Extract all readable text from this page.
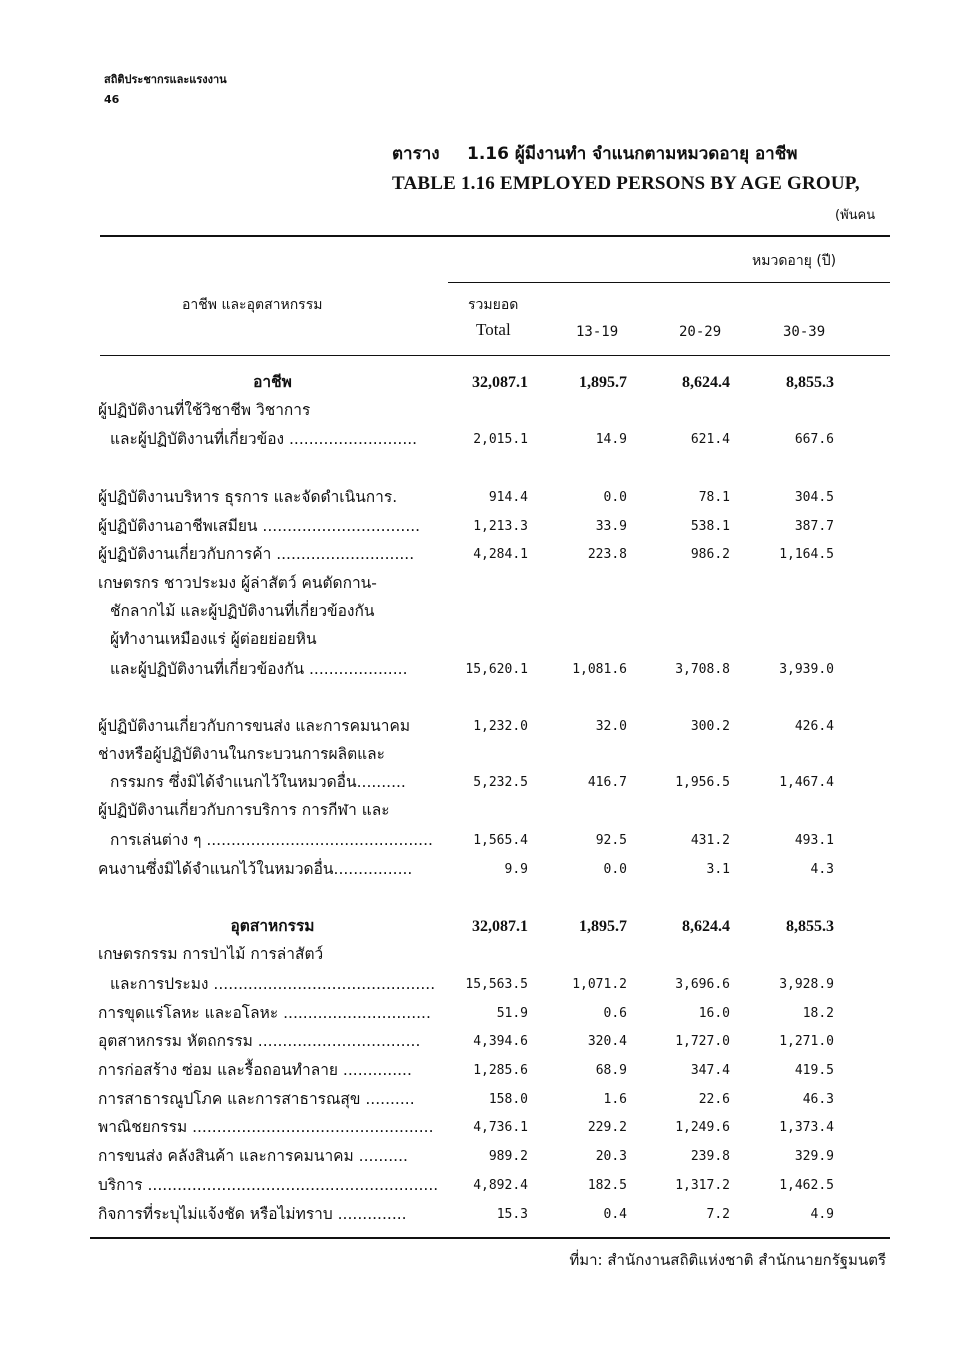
สถิติประชากรและแรงงาน
46
ตาราง 1.16 ผู้มีงานทำ จำแนกตามหมวดอายุ อาชีพ
TABLE 1.16 EMPLOYED PERSONS BY AGE GROUP,
(พันคน
หมวดอายุ (ปี)
อาชีพ และอุตสาหกรรม	รวมยอด
Total	13-19	20-29	30-39
อาชีพ	32,087.1	1,895.7	8,624.4	8,855.3
ผู้ปฏิบัติงานที่ใช้วิชาชีพ วิชาการ
และผู้ปฏิบัติงานที่เกี่ยวข้อง ..........................	2,015.1	14.9	621.4	667.6
ผู้ปฏิบัติงานบริหาร ธุรการ และจัดดำเนินการ.	914.4	0.0	78.1	304.5
ผู้ปฏิบัติงานอาชีพเสมียน ................................	1,213.3	33.9	538.1	387.7
ผู้ปฏิบัติงานเกี่ยวกับการค้า ............................	4,284.1	223.8	986.2	1,164.5
เกษตรกร ชาวประมง ผู้ล่าสัตว์ คนตัดกาน-
ชักลากไม้ และผู้ปฏิบัติงานที่เกี่ยวข้องกัน
ผู้ทำงานเหมืองแร่ ผู้ต่อยย่อยหิน
และผู้ปฏิบัติงานที่เกี่ยวข้องกัน ....................	15,620.1	1,081.6	3,708.8	3,939.0
ผู้ปฏิบัติงานเกี่ยวกับการขนส่ง และการคมนาคม	1,232.0	32.0	300.2	426.4
ช่างหรือผู้ปฏิบัติงานในกระบวนการผลิตและ
กรรมกร ซึ่งมิได้จำแนกไว้ในหมวดอื่น..........	5,232.5	416.7	1,956.5	1,467.4
ผู้ปฏิบัติงานเกี่ยวกับการบริการ การกีฬา และ
การเล่นต่าง ๆ ..............................................	1,565.4	92.5	431.2	493.1
คนงานซึ่งมิได้จำแนกไว้ในหมวดอื่น................	9.9	0.0	3.1	4.3
อุตสาหกรรม	32,087.1	1,895.7	8,624.4	8,855.3
เกษตรกรรม การป่าไม้ การล่าสัตว์
และการประมง ............................................. 15,563.5	1,071.2	3,696.6	3,928.9
การขุดแร่โลหะ และอโลหะ ..............................	51.9	0.6	16.0	18.2
อุตสาหกรรม หัตถกรรม .................................	4,394.6	320.4	1,727.0	1,271.0
การก่อสร้าง ซ่อม และรื้อถอนทำลาย ..............	1,285.6	68.9	347.4	419.5
การสาธารณูปโภค และการสาธารณสุข ..........	158.0	1.6	22.6	46.3
พาณิชยกรรม .................................................	4,736.1	229.2	1,249.6	1,373.4
การขนส่ง คลังสินค้า และการคมนาคม ..........	989.2	20.3	239.8	329.9
บริการ ...........................................................	4,892.4	182.5	1,317.2	1,462.5
กิจการที่ระบุไม่แจ้งชัด หรือไม่ทราบ ..............	15.3	0.4	7.2	4.9
ที่มา: สำนักงานสถิติแห่งชาติ สำนักนายกรัฐมนตรี
